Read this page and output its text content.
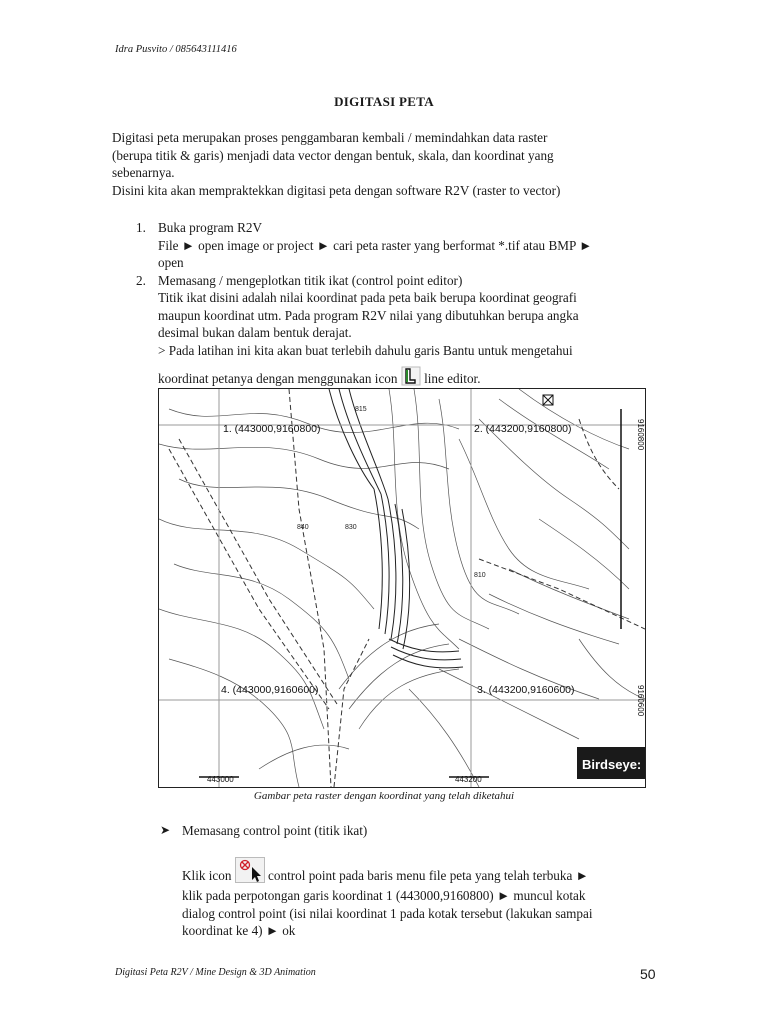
Idra Pusvito / 085643111416
DIGITASI PETA
Digitasi peta merupakan proses penggambaran kembali / memindahkan data raster
(berupa titik & garis) menjadi data vector dengan bentuk, skala, dan koordinat yang
sebenarnya.
Disini kita akan mempraktekkan digitasi peta dengan software R2V (raster to vector)
1. Buka program R2V
File ► open image or project ► cari peta raster yang berformat *.tif atau BMP ►
open
2. Memasang / mengeplotkan titik ikat (control point editor)
Titik ikat disini adalah nilai koordinat pada peta baik berupa koordinat geografi
maupun koordinat utm. Pada program R2V nilai yang dibutuhkan berupa angka
desimal bukan dalam bentuk derajat.
> Pada latihan ini kita akan buat terlebih dahulu garis Bantu untuk mengetahui
koordinat petanya dengan menggunakan icon line editor.
815
840
810
830
1. (443000,9160800)	2. (443200,9160800)
3. (443200,9160600)
4. (443000,9160600)
443000	443200
9160800
9160600
Birdseye:
Gambar peta raster dengan koordinat yang telah diketahui
➤ Memasang control point (titik ikat)
Klik icon	control point pada baris menu file peta yang telah terbuka ►
klik pada perpotongan garis koordinat 1 (443000,9160800) ► muncul kotak
dialog control point (isi nilai koordinat 1 pada kotak tersebut (lakukan sampai
koordinat ke 4) ► ok
Digitasi Peta R2V / Mine Design & 3D Animation	50
